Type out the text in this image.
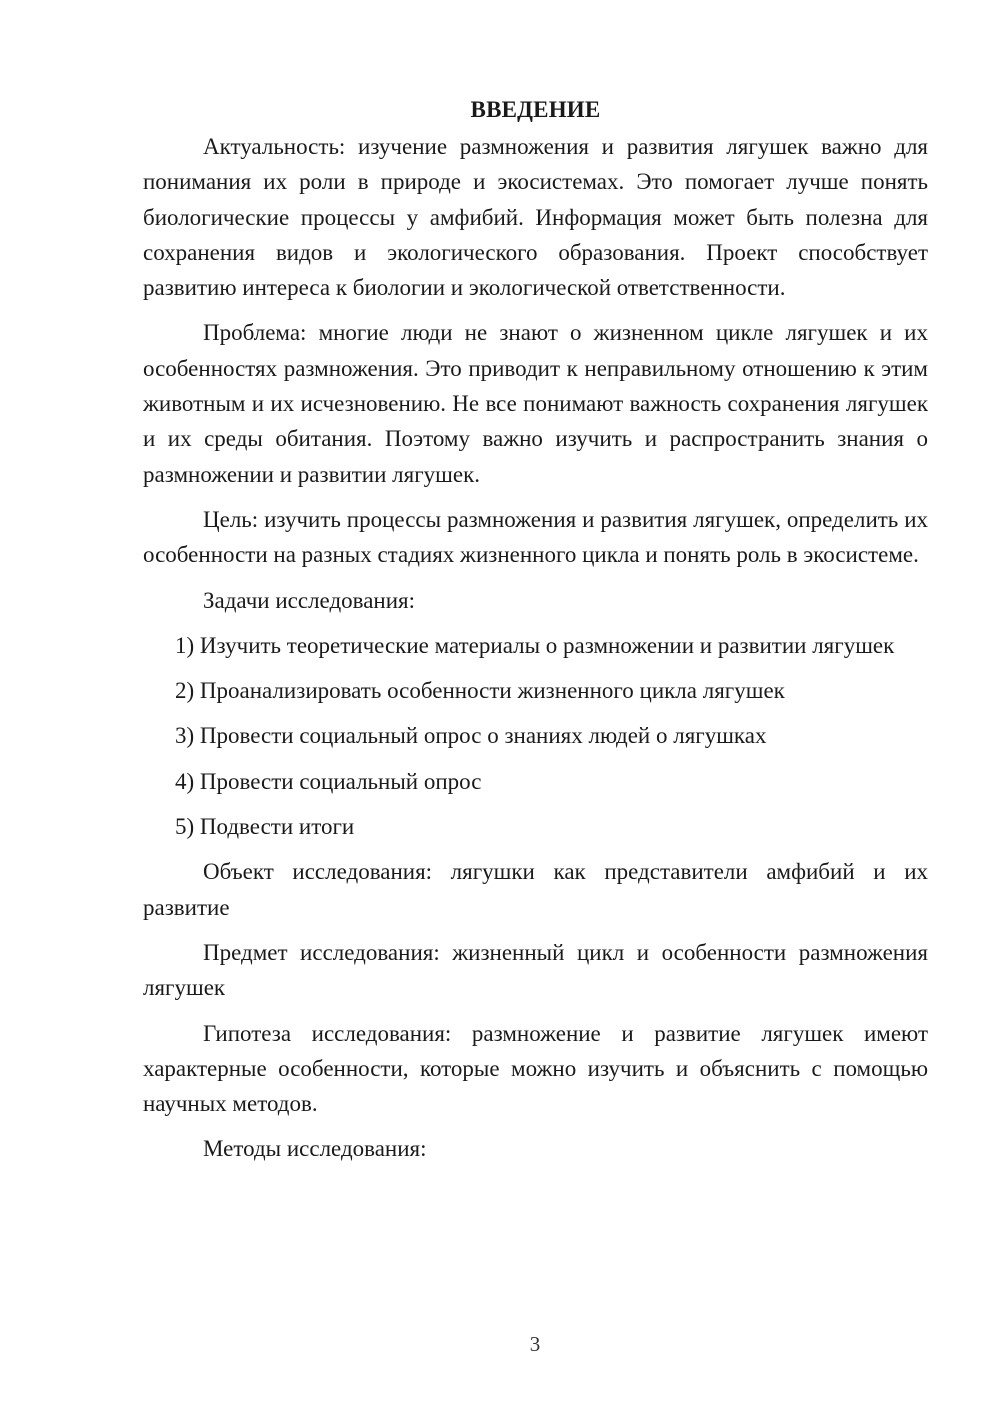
ВВЕДЕНИЕ

Актуальность: изучение размножения и развития лягушек важно для понимания их роли в природе и экосистемах. Это помогает лучше понять биологические процессы у амфибий. Информация может быть полезна для сохранения видов и экологического образования. Проект способствует развитию интереса к биологии и экологической ответственности.

Проблема: многие люди не знают о жизненном цикле лягушек и их особенностях размножения. Это приводит к неправильному отношению к этим животным и их исчезновению. Не все понимают важность сохранения лягушек и их среды обитания. Поэтому важно изучить и распространить знания о размножении и развитии лягушек.

Цель: изучить процессы размножения и развития лягушек, определить их особенности на разных стадиях жизненного цикла и понять роль в экосистеме.

Задачи исследования:

1) Изучить теоретические материалы о размножении и развитии лягушек

2) Проанализировать особенности жизненного цикла лягушек

3) Провести социальный опрос о знаниях людей о лягушках

4) Провести социальный опрос

5) Подвести итоги

Объект исследования: лягушки как представители амфибий и их развитие

Предмет исследования: жизненный цикл и особенности размножения лягушек

Гипотеза исследования: размножение и развитие лягушек имеют характерные особенности, которые можно изучить и объяснить с помощью научных методов.

Методы исследования:

3
